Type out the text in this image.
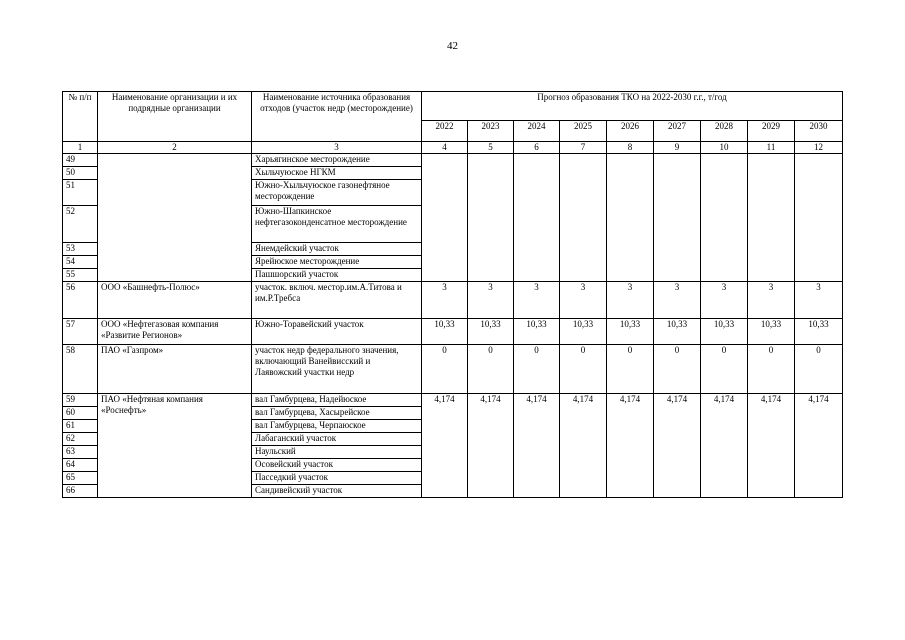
42
№ п/п	Наименование организации и их подрядные организации	Наименование источника образования отходов (участок недр (месторождение)	Прогноз образования ТКО на 2022-2030 г.г., т/год								
			2022	2023	2024	2025	2026	2027	2028	2029	2030
1	2	3	4	5	6	7	8	9	10	11	12
49		Харьягинское месторождение									
50		Хыльчуюское НГКМ									
51		Южно-Хыльчуюское газонефтяное месторождение									
52		Южно-Шапкинское нефтегазоконденсатное месторождение									
53		Янемдейский участок									
54		Ярейюское месторождение									
55		Пашшорский участок									
56	ООО «Башнефть-Полюс»	участок. включ. местор.им.А.Титова и им.Р.Требса	3	3	3	3	3	3	3	3	3
57	ООО «Нефтегазовая компания «Развитие Регионов»	Южно-Торавейский участок	10,33	10,33	10,33	10,33	10,33	10,33	10,33	10,33	10,33
58	ПАО «Газпром»	участок недр федерального значения, включающий Ванейвисский и Лаявожский участки недр	0	0	0	0	0	0	0	0	0
59	ПАО «Нефтяная компания «Роснефть»	вал Гамбурцева, Надейюское	4,174	4,174	4,174	4,174	4,174	4,174	4,174	4,174	4,174
60		вал Гамбурцева, Хасырейское									
61		вал Гамбурцева, Черпаюское									
62		Лабаганский участок									
63		Наульский									
64		Осовейский участок									
65		Пасседкий участок									
66		Сандивейский участок									
